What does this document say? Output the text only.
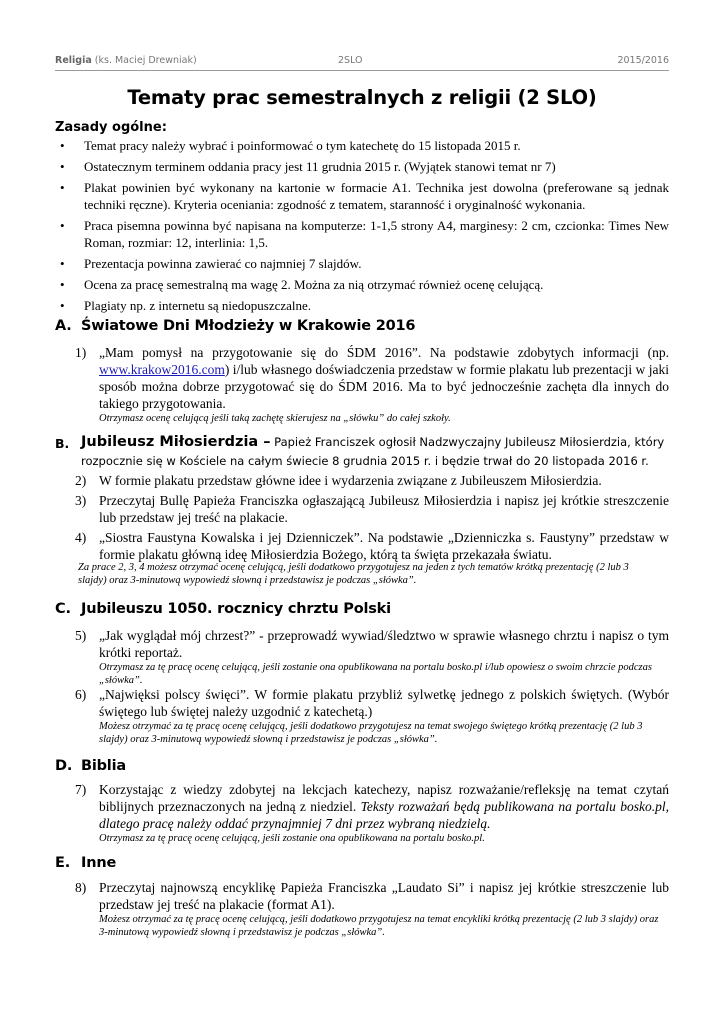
Religia (ks. Maciej Drewniak)	2SLO	2015/2016
Tematy prac semestralnych z religii (2 SLO)
Zasady ogólne:
• Temat pracy należy wybrać i poinformować o tym katechetę do 15 listopada 2015 r.
• Ostatecznym terminem oddania pracy jest 11 grudnia 2015 r. (Wyjątek stanowi temat nr 7)
• Plakat powinien być wykonany na kartonie w formacie A1. Technika jest dowolna (preferowane są jednak techniki ręczne). Kryteria oceniania: zgodność z tematem, staranność i oryginalność wykonania.
• Praca pisemna powinna być napisana na komputerze: 1-1,5 strony A4, marginesy: 2 cm, czcionka: Times New Roman, rozmiar: 12, interlinia: 1,5.
• Prezentacja powinna zawierać co najmniej 7 slajdów.
• Ocena za pracę semestralną ma wagę 2. Można za nią otrzymać również ocenę celującą.
• Plagiaty np. z internetu są niedopuszczalne.
A. Światowe Dni Młodzieży w Krakowie 2016
1) „Mam pomysł na przygotowanie się do ŚDM 2016”. Na podstawie zdobytych informacji (np. www.krakow2016.com) i/lub własnego doświadczenia przedstaw w formie plakatu lub prezentacji w jaki sposób można dobrze przygotować się do ŚDM 2016. Ma to być jednocześnie zachęta dla innych do takiego przygotowania.
Otrzymasz ocenę celującą jeśli taką zachętę skierujesz na „słówku” do całej szkoły.
B. Jubileusz Miłosierdzia – Papież Franciszek ogłosił Nadzwyczajny Jubileusz Miłosierdzia, który
rozpocznie się w Kościele na całym świecie 8 grudnia 2015 r. i będzie trwał do 20 listopada 2016 r.
2) W formie plakatu przedstaw główne idee i wydarzenia związane z Jubileuszem Miłosierdzia.
3) Przeczytaj Bullę Papieża Franciszka ogłaszającą Jubileusz Miłosierdzia i napisz jej krótkie streszczenie lub przedstaw jej treść na plakacie.
4) „Siostra Faustyna Kowalska i jej Dzienniczek”. Na podstawie „Dzienniczka s. Faustyny” przedstaw w formie plakatu główną ideę Miłosierdzia Bożego, którą ta święta przekazała światu.
Za prace 2, 3, 4 możesz otrzymać ocenę celującą, jeśli dodatkowo przygotujesz na jeden z tych tematów krótką prezentację (2 lub 3 slajdy) oraz 3-minutową wypowiedź słowną i przedstawisz je podczas „słówka”.
C. Jubileuszu 1050. rocznicy chrztu Polski
5) „Jak wyglądał mój chrzest?” - przeprowadź wywiad/śledztwo w sprawie własnego chrztu i napisz o tym krótki reportaż.
Otrzymasz za tę pracę ocenę celującą, jeśli zostanie ona opublikowana na portalu bosko.pl i/lub opowiesz o swoim chrzcie podczas „słówka”.
6) „Najwięksi polscy święci”. W formie plakatu przybliż sylwetkę jednego z polskich świętych. (Wybór świętego lub świętej należy uzgodnić z katechetą.)
Możesz otrzymać za tę pracę ocenę celującą, jeśli dodatkowo przygotujesz na temat swojego świętego krótką prezentację (2 lub 3 slajdy) oraz 3-minutową wypowiedź słowną i przedstawisz je podczas „słówka”.
D. Biblia
7) Korzystając z wiedzy zdobytej na lekcjach katechezy, napisz rozważanie/refleksję na temat czytań biblijnych przeznaczonych na jedną z niedziel. Teksty rozważań będą publikowana na portalu bosko.pl, dlatego pracę należy oddać przynajmniej 7 dni przez wybraną niedzielą.
Otrzymasz za tę pracę ocenę celującą, jeśli zostanie ona opublikowana na portalu bosko.pl.
E. Inne
8) Przeczytaj najnowszą encyklikę Papieża Franciszka „Laudato Si” i napisz jej krótkie streszczenie lub przedstaw jej treść na plakacie (format A1).
Możesz otrzymać za tę pracę ocenę celującą, jeśli dodatkowo przygotujesz na temat encykliki krótką prezentację (2 lub 3 slajdy) oraz 3-minutową wypowiedź słowną i przedstawisz je podczas „słówka”.
